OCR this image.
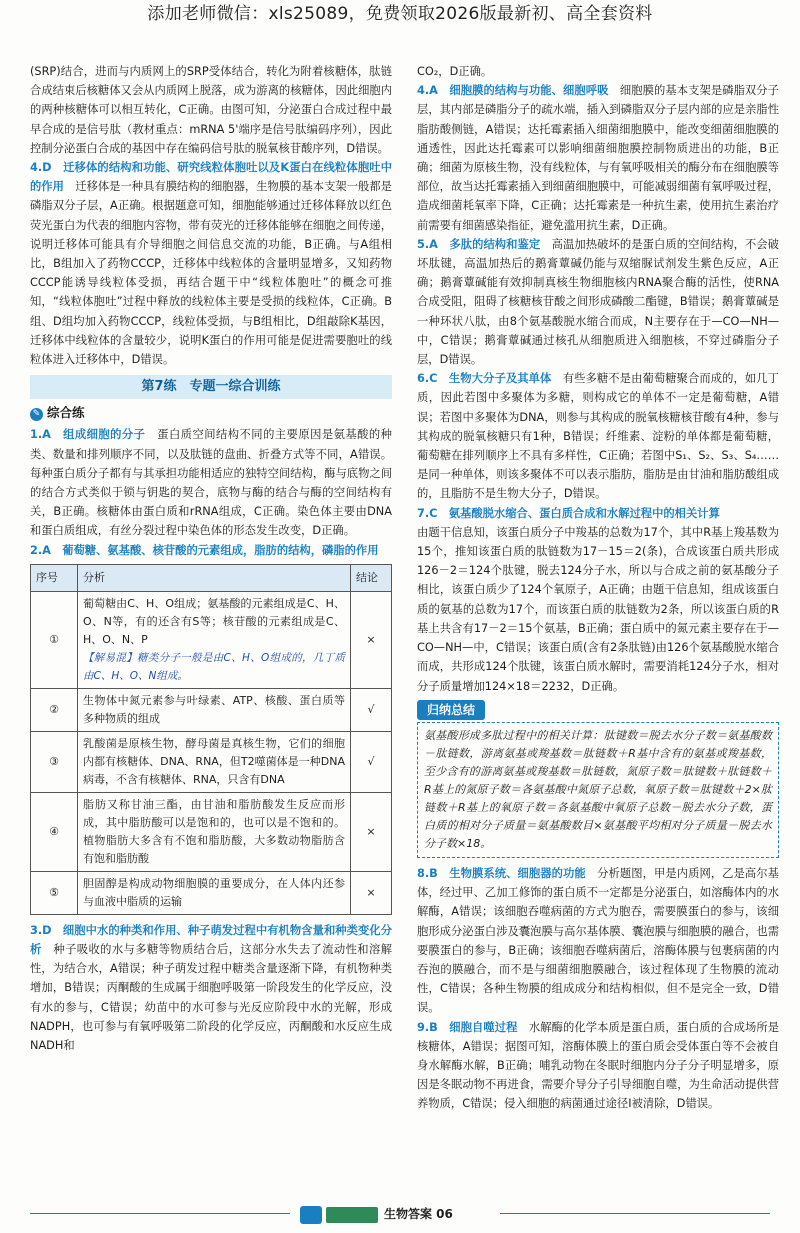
添加老师微信：xls25089，免费领取2026版最新初、高全套资料

(SRP)结合，进而与内质网上的SRP受体结合，转化为附着核糖体，肽链合成结束后核糖体又会从内质网上脱落，成为游离的核糖体，因此细胞内的两种核糖体可以相互转化，C正确。由图可知，分泌蛋白合成过程中最早合成的是信号肽（教材重点：mRNA 5'端序是信号肽编码序列），因此控制分泌蛋白合成的基因中存在编码信号肽的脱氧核苷酸序列，D错误。

4.D　迁移体的结构和功能、研究线粒体胞吐以及K蛋白在线粒体胞吐中的作用　 迁移体是一种具有膜结构的细胞器，生物膜的基本支架一般都是磷脂双分子层，A正确。根据题意可知，细胞能够通过迁移体释放以红色荧光蛋白为代表的细胞内容物，带有荧光的迁移体能够在细胞之间传递，说明迁移体可能具有介导细胞之间信息交流的功能，B正确。与A组相比，B组加入了药物CCCP，迁移体中线粒体的含量明显增多，又知药物CCCP能诱导线粒体受损，再结合题干中“线粒体胞吐”的概念可推知，“线粒体胞吐”过程中释放的线粒体主要是受损的线粒体，C正确。B组、D组均加入药物CCCP，线粒体受损，与B组相比，D组敲除K基因，迁移体中线粒体的含量较少，说明K蛋白的作用可能是促进需要胞吐的线粒体进入迁移体中，D错误。

第7练　专题一综合训练
✎ 综合练

1.A　组成细胞的分子　 蛋白质空间结构不同的主要原因是氨基酸的种类、数量和排列顺序不同，以及肽链的盘曲、折叠方式等不同，A错误。每种蛋白质分子都有与其承担功能相适应的独特空间结构，酶与底物之间的结合方式类似于锁与钥匙的契合，底物与酶的结合与酶的空间结构有关，B正确。核糖体由蛋白质和rRNA组成，C正确。染色体主要由DNA和蛋白质组成，有丝分裂过程中染色体的形态发生改变，D正确。

2.A　葡萄糖、氨基酸、核苷酸的元素组成，脂肪的结构，磷脂的作用

序号	分析	结论
①	葡萄糖由C、H、O组成；氨基酸的元素组成是C、H、O、N等，有的还含有S等；核苷酸的元素组成是C、H、O、N、P
【解易混】糖类分子一般是由C、H、O组成的，几丁质由C、H、O、N组成。	×
②	生物体中氮元素参与叶绿素、ATP、核酸、蛋白质等多种物质的组成	√
③	乳酸菌是原核生物，酵母菌是真核生物，它们的细胞内都有核糖体、DNA、RNA，但T2噬菌体是一种DNA病毒，不含有核糖体、RNA，只含有DNA	√
④	脂肪又称甘油三酯，由甘油和脂肪酸发生反应而形成，其中脂肪酸可以是饱和的，也可以是不饱和的。植物脂肪大多含有不饱和脂肪酸，大多数动物脂肪含有饱和脂肪酸	×
⑤	胆固醇是构成动物细胞膜的重要成分，在人体内还参与血液中脂质的运输	×

3.D　细胞中水的种类和作用、种子萌发过程中有机物含量和种类变化分析　 种子吸收的水与多糖等物质结合后，这部分水失去了流动性和溶解性，为结合水，A错误；种子萌发过程中糖类含量逐渐下降，有机物种类增加，B错误；丙酮酸的生成属于细胞呼吸第一阶段发生的化学反应，没有水的参与，C错误；幼苗中的水可参与光反应阶段中水的光解，形成NADPH，也可参与有氧呼吸第二阶段的化学反应，丙酮酸和水反应生成NADH和

CO₂，D正确。

4.A　细胞膜的结构与功能、细胞呼吸　 细胞膜的基本支架是磷脂双分子层，其内部是磷脂分子的疏水端，插入到磷脂双分子层内部的应是亲脂性脂肪酸侧链，A错误；达托霉素插入细菌细胞膜中，能改变细菌细胞膜的通透性，因此达托霉素可以影响细菌细胞膜控制物质进出的功能，B正确；细菌为原核生物，没有线粒体，与有氧呼吸相关的酶分布在细胞膜等部位，故当达托霉素插入到细菌细胞膜中，可能减弱细菌有氧呼吸过程，造成细菌耗氧率下降，C正确；达托霉素是一种抗生素，使用抗生素治疗前需要有细菌感染指征，避免滥用抗生素，D正确。

5.A　多肽的结构和鉴定　 高温加热破坏的是蛋白质的空间结构，不会破坏肽键，高温加热后的鹅膏蕈碱仍能与双缩脲试剂发生紫色反应，A正确；鹅膏蕈碱能有效抑制真核生物细胞核内RNA聚合酶的活性，使RNA合成受阻，阻碍了核糖核苷酸之间形成磷酸二酯键，B错误；鹅膏蕈碱是一种环状八肽，由8个氨基酸脱水缩合而成，N主要存在于—CO—NH—中，C错误；鹅膏蕈碱通过核孔从细胞质进入细胞核，不穿过磷脂分子层，D错误。

6.C　生物大分子及其单体　 有些多糖不是由葡萄糖聚合而成的，如几丁质，因此若图中多聚体为多糖，则构成它的单体不一定是葡萄糖，A错误；若图中多聚体为DNA，则参与其构成的脱氧核糖核苷酸有4种，参与其构成的脱氧核糖只有1种，B错误；纤维素、淀粉的单体都是葡萄糖，葡萄糖在排列顺序上不具有多样性，C正确；若图中S₁、S₂、S₃、S₄……是同一种单体，则该多聚体不可以表示脂肪，脂肪是由甘油和脂肪酸组成的，且脂肪不是生物大分子，D错误。

7.C　氨基酸脱水缩合、蛋白质合成和水解过程中的相关计算
由题干信息知，该蛋白质分子中羧基的总数为17个，其中R基上羧基数为15个，推知该蛋白质的肽链数为17－15＝2(条)，合成该蛋白质共形成126－2＝124个肽键，脱去124分子水，所以与合成之前的氨基酸分子相比，该蛋白质少了124个氧原子，A正确；由题干信息知，组成该蛋白质的氨基的总数为17个，而该蛋白质的肽链数为2条，所以该蛋白质的R基上共含有17－2＝15个氨基，B正确；蛋白质中的氮元素主要存在于—CO—NH—中，C错误；该蛋白质(含有2条肽链)由126个氨基酸脱水缩合而成，共形成124个肽键，该蛋白质水解时，需要消耗124分子水，相对分子质量增加124×18＝2232，D正确。

归纳总结
氨基酸形成多肽过程中的相关计算：肽键数＝脱去水分子数＝氨基酸数－肽链数，游离氨基或羧基数＝肽链数＋R基中含有的氨基或羧基数，至少含有的游离氨基或羧基数＝肽链数，氮原子数＝肽键数＋肽链数＋R基上的氮原子数＝各氨基酸中氮原子总数，氧原子数＝肽键数＋2×肽链数＋R基上的氧原子数＝各氨基酸中氧原子总数－脱去水分子数，蛋白质的相对分子质量＝氨基酸数目×氨基酸平均相对分子质量－脱去水分子数×18。

8.B　生物膜系统、细胞器的功能　 分析题图，甲是内质网，乙是高尔基体，经过甲、乙加工修饰的蛋白质不一定都是分泌蛋白，如溶酶体内的水解酶，A错误；该细胞吞噬病菌的方式为胞吞，需要膜蛋白的参与，该细胞形成分泌蛋白涉及囊泡膜与高尔基体膜、囊泡膜与细胞膜的融合，也需要膜蛋白的参与，B正确；该细胞吞噬病菌后，溶酶体膜与包裹病菌的内吞泡的膜融合，而不是与细菌细胞膜融合，该过程体现了生物膜的流动性，C错误；各种生物膜的组成成分和结构相似，但不是完全一致，D错误。

9.B　细胞自噬过程　 水解酶的化学本质是蛋白质，蛋白质的合成场所是核糖体，A错误；据图可知，溶酶体膜上的蛋白质会受体蛋白等不会被自身水解酶水解，B正确；哺乳动物在冬眠时细胞内分子分子明显增多，原因是冬眠动物不再进食，需要介导分子引导细胞自噬，为生命活动提供营养物质，C错误；侵入细胞的病菌通过途径Ⅰ被清除，D错误。

生物答案 06
